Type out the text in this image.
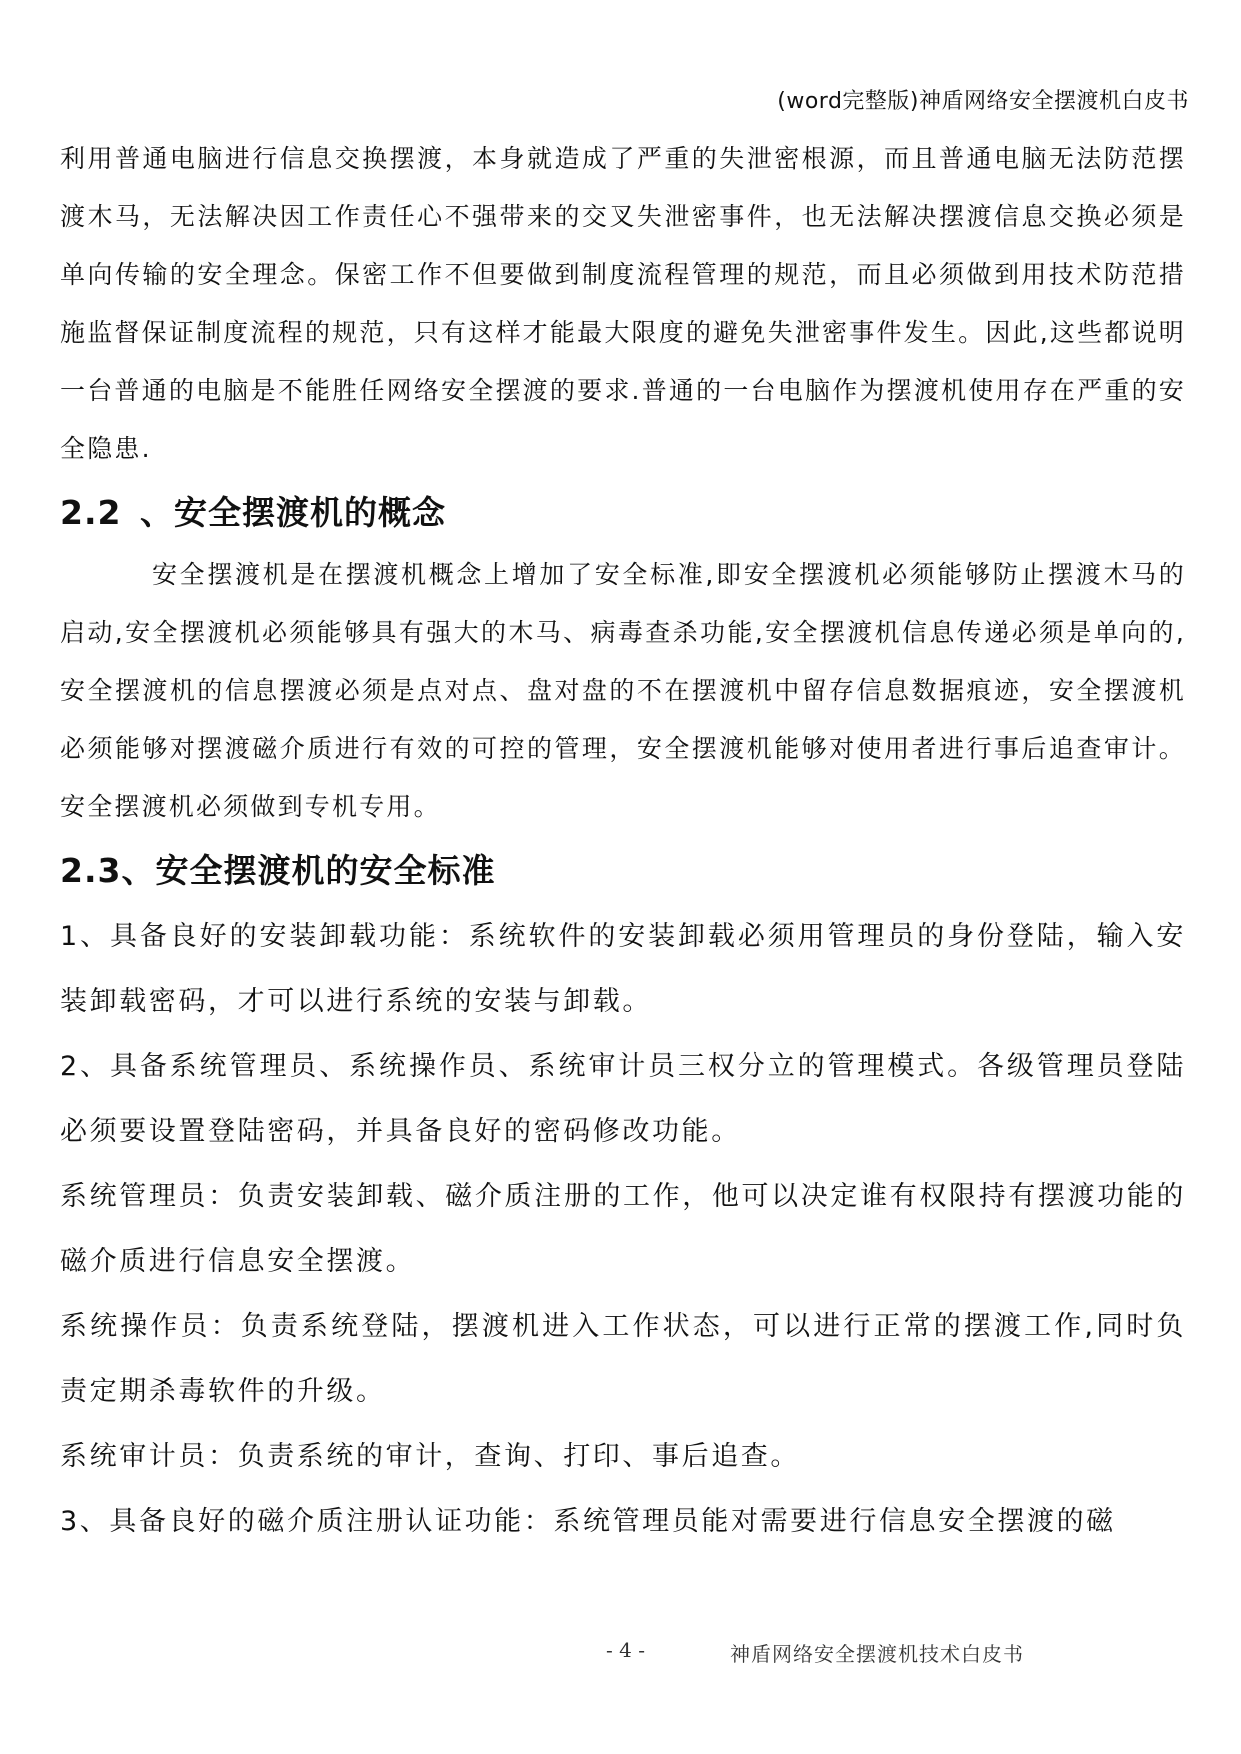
(word完整版)神盾网络安全摆渡机白皮书

利用普通电脑进行信息交换摆渡，本身就造成了严重的失泄密根源，而且普通电脑无法防范摆渡木马，无法解决因工作责任心不强带来的交叉失泄密事件，也无法解决摆渡信息交换必须是单向传输的安全理念。保密工作不但要做到制度流程管理的规范，而且必须做到用技术防范措施监督保证制度流程的规范，只有这样才能最大限度的避免失泄密事件发生。因此,这些都说明一台普通的电脑是不能胜任网络安全摆渡的要求.普通的一台电脑作为摆渡机使用存在严重的安全隐患.

2.2 、安全摆渡机的概念

安全摆渡机是在摆渡机概念上增加了安全标准,即安全摆渡机必须能够防止摆渡木马的启动,安全摆渡机必须能够具有强大的木马、病毒查杀功能,安全摆渡机信息传递必须是单向的,安全摆渡机的信息摆渡必须是点对点、盘对盘的不在摆渡机中留存信息数据痕迹，安全摆渡机必须能够对摆渡磁介质进行有效的可控的管理，安全摆渡机能够对使用者进行事后追查审计。安全摆渡机必须做到专机专用。

2.3、安全摆渡机的安全标准

1、具备良好的安装卸载功能：系统软件的安装卸载必须用管理员的身份登陆，输入安装卸载密码，才可以进行系统的安装与卸载。

2、具备系统管理员、系统操作员、系统审计员三权分立的管理模式。各级管理员登陆必须要设置登陆密码，并具备良好的密码修改功能。

系统管理员：负责安装卸载、磁介质注册的工作，他可以决定谁有权限持有摆渡功能的磁介质进行信息安全摆渡。

系统操作员：负责系统登陆，摆渡机进入工作状态，可以进行正常的摆渡工作,同时负责定期杀毒软件的升级。

系统审计员：负责系统的审计，查询、打印、事后追查。

3、具备良好的磁介质注册认证功能：系统管理员能对需要进行信息安全摆渡的磁

- 4 -	神盾网络安全摆渡机技术白皮书
